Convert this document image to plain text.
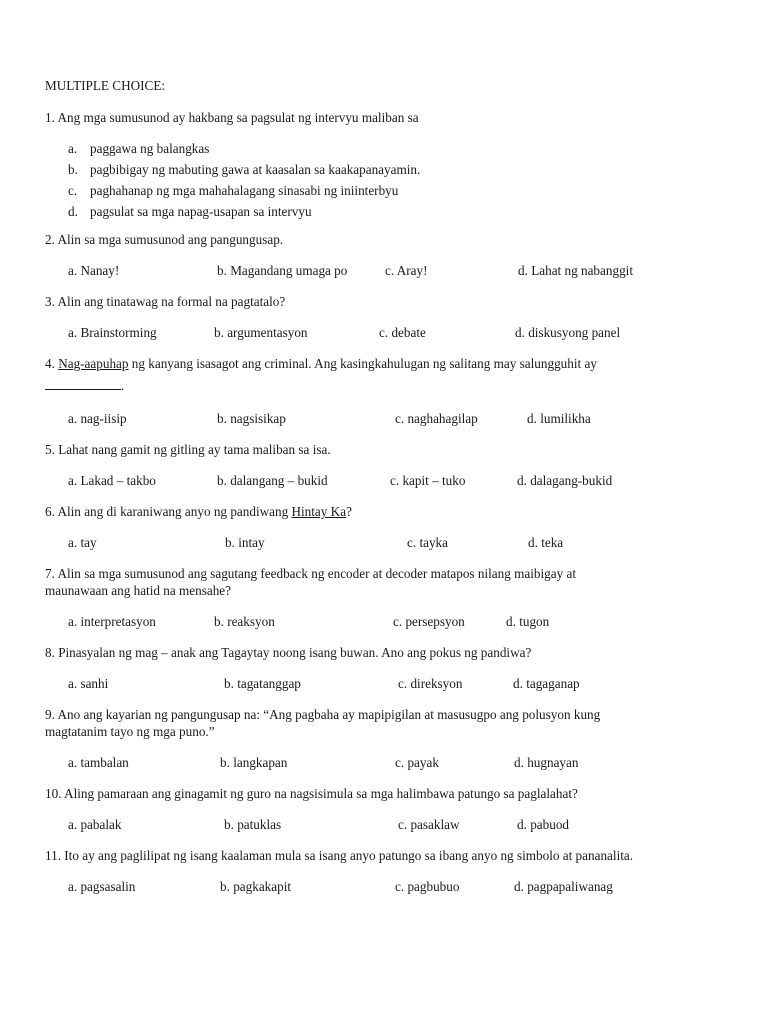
MULTIPLE CHOICE:

1. Ang mga sumusunod ay hakbang sa pagsulat ng intervyu maliban sa

a. paggawa ng balangkas
b. pagbibigay ng mabuting gawa at kaasalan sa kaakapanayamin.
c. paghahanap ng mga mahahalagang sinasabi ng iniinterbyu
d. pagsulat sa mga napag-usapan sa intervyu

2. Alin sa mga sumusunod ang pangungusap.

a. Nanay!	b. Magandang umaga po	c. Aray!	d. Lahat ng nabanggit

3. Alin ang tinatawag na formal na pagtatalo?

a. Brainstorming	b. argumentasyon	c. debate	d. diskusyong panel

4. Nag-aapuhap ng kanyang isasagot ang criminal. Ang kasingkahulugan ng salitang may salungguhit ay

.

a. nag-iisip	b. nagsisikap	c. naghahagilap	d. lumilikha

5. Lahat nang gamit ng gitling ay tama maliban sa isa.

a. Lakad – takbo	b. dalangang – bukid	c. kapit – tuko	d. dalagang-bukid

6. Alin ang di karaniwang anyo ng pandiwang Hintay Ka?

a. tay	b. intay	c. tayka	d. teka

7. Alin sa mga sumusunod ang sagutang feedback ng encoder at decoder matapos nilang maibigay at
maunawaan ang hatid na mensahe?

a. interpretasyon	b. reaksyon	c. persepsyon	d. tugon

8. Pinasyalan ng mag – anak ang Tagaytay noong isang buwan. Ano ang pokus ng pandiwa?

a. sanhi	b. tagatanggap	c. direksyon	d. tagaganap

9. Ano ang kayarian ng pangungusap na: “Ang pagbaha ay mapipigilan at masusugpo ang polusyon kung
magtatanim tayo ng mga puno.”

a. tambalan	b. langkapan	c. payak	d. hugnayan

10. Aling pamaraan ang ginagamit ng guro na nagsisimula sa mga halimbawa patungo sa paglalahat?

a. pabalak	b. patuklas	c. pasaklaw	d. pabuod

11. Ito ay ang paglilipat ng isang kaalaman mula sa isang anyo patungo sa ibang anyo ng simbolo at pananalita.

a. pagsasalin	b. pagkakapit	c. pagbubuo	d. pagpapaliwanag
